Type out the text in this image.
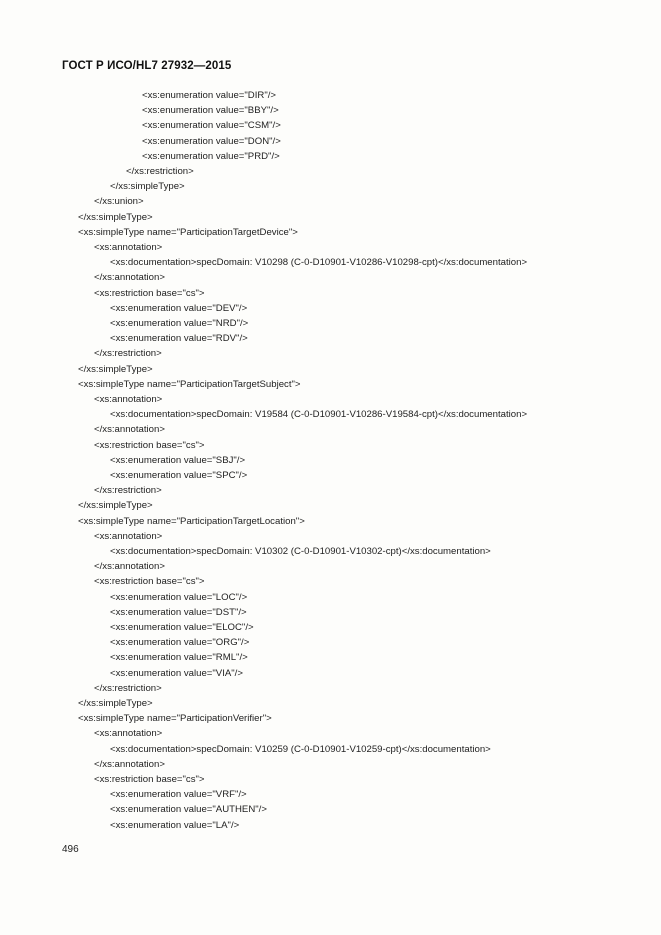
ГОСТ Р ИСО/HL7 27932—2015
<xs:enumeration value="DIR"/>
<xs:enumeration value="BBY"/>
<xs:enumeration value="CSM"/>
<xs:enumeration value="DON"/>
<xs:enumeration value="PRD"/>
</xs:restriction>
</xs:simpleType>
</xs:union>
</xs:simpleType>
<xs:simpleType name="ParticipationTargetDevice">
<xs:annotation>
<xs:documentation>specDomain: V10298 (C-0-D10901-V10286-V10298-cpt)</xs:documentation>
</xs:annotation>
<xs:restriction base="cs">
<xs:enumeration value="DEV"/>
<xs:enumeration value="NRD"/>
<xs:enumeration value="RDV"/>
</xs:restriction>
</xs:simpleType>
<xs:simpleType name="ParticipationTargetSubject">
<xs:annotation>
<xs:documentation>specDomain: V19584 (C-0-D10901-V10286-V19584-cpt)</xs:documentation>
</xs:annotation>
<xs:restriction base="cs">
<xs:enumeration value="SBJ"/>
<xs:enumeration value="SPC"/>
</xs:restriction>
</xs:simpleType>
<xs:simpleType name="ParticipationTargetLocation">
<xs:annotation>
<xs:documentation>specDomain: V10302 (C-0-D10901-V10302-cpt)</xs:documentation>
</xs:annotation>
<xs:restriction base="cs">
<xs:enumeration value="LOC"/>
<xs:enumeration value="DST"/>
<xs:enumeration value="ELOC"/>
<xs:enumeration value="ORG"/>
<xs:enumeration value="RML"/>
<xs:enumeration value="VIA"/>
</xs:restriction>
</xs:simpleType>
<xs:simpleType name="ParticipationVerifier">
<xs:annotation>
<xs:documentation>specDomain: V10259 (C-0-D10901-V10259-cpt)</xs:documentation>
</xs:annotation>
<xs:restriction base="cs">
<xs:enumeration value="VRF"/>
<xs:enumeration value="AUTHEN"/>
<xs:enumeration value="LA"/>
496
